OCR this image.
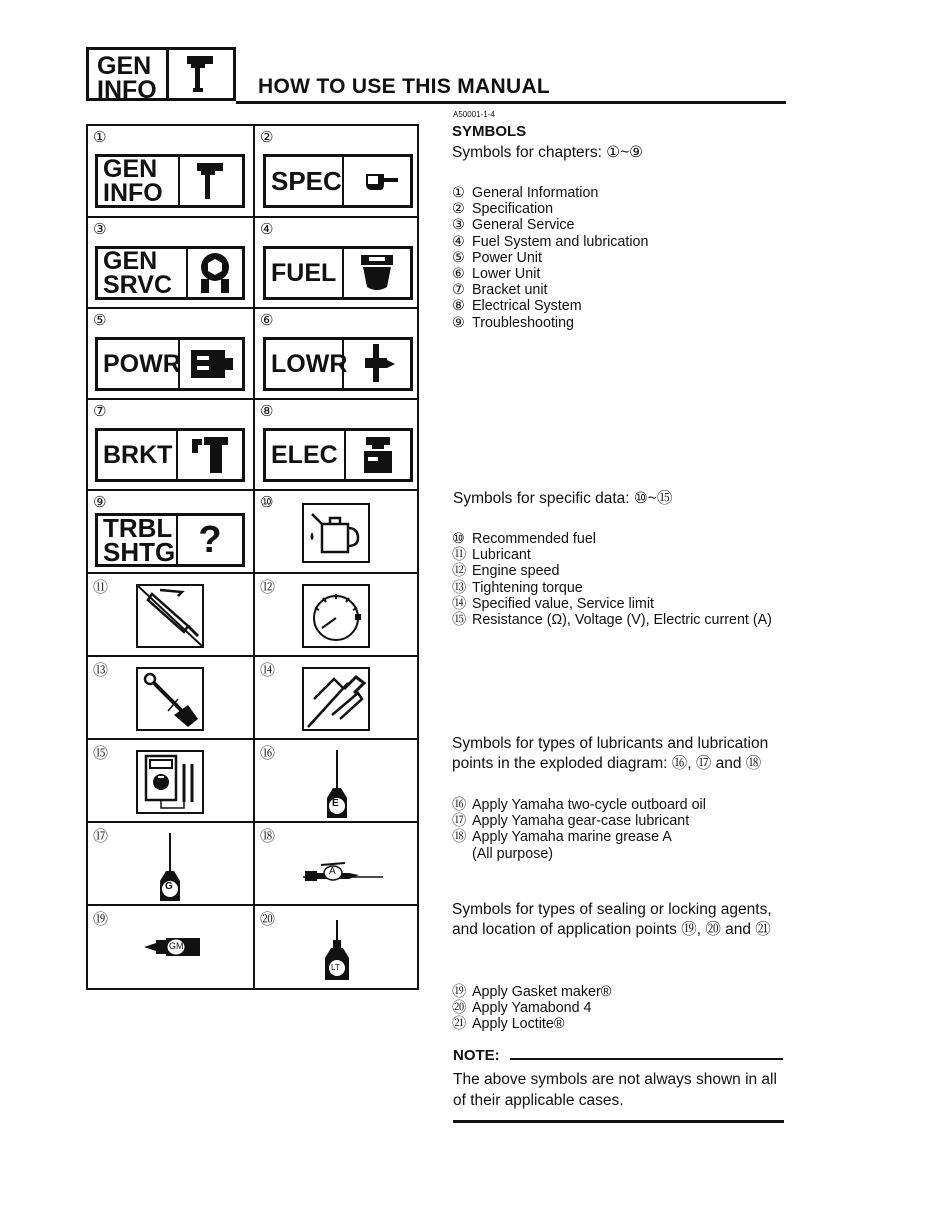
GEN
INFO	HOW TO USE THIS MANUAL
①
GEN
INFO
②
SPEC
③
GEN
SRVC
④
FUEL
⑤
POWR
⑥
LOWR
⑦
BRKT
⑧
ELEC
⑨
TRBL
SHTG ?
⑩
⑪	⑫
⑬	⑭
⑮	⑯
E
⑰
G
⑱
A
⑲
GM
⑳
LT
A50001-1-4
SYMBOLS
Symbols for chapters: ①~⑨
① General Information
② Specification
③ General Service
④ Fuel System and lubrication
⑤ Power Unit
⑥ Lower Unit
⑦ Bracket unit
⑧ Electrical System
⑨ Troubleshooting
Symbols for specific data: ⑩~⑮
⑩ Recommended fuel
⑪ Lubricant
⑫ Engine speed
⑬ Tightening torque
⑭ Specified value, Service limit
⑮ Resistance (Ω), Voltage (V), Electric current (A)
Symbols for types of lubricants and lubrication points in the exploded diagram: ⑯, ⑰ and ⑱
⑯ Apply Yamaha two-cycle outboard oil
⑰ Apply Yamaha gear-case lubricant
⑱ Apply Yamaha marine grease A
(All purpose)
Symbols for types of sealing or locking agents, and location of application points ⑲, ⑳ and ㉑
⑲ Apply Gasket maker®
⑳ Apply Yamabond 4
㉑ Apply Loctite®
NOTE:
The above symbols are not always shown in all of their applicable cases.
